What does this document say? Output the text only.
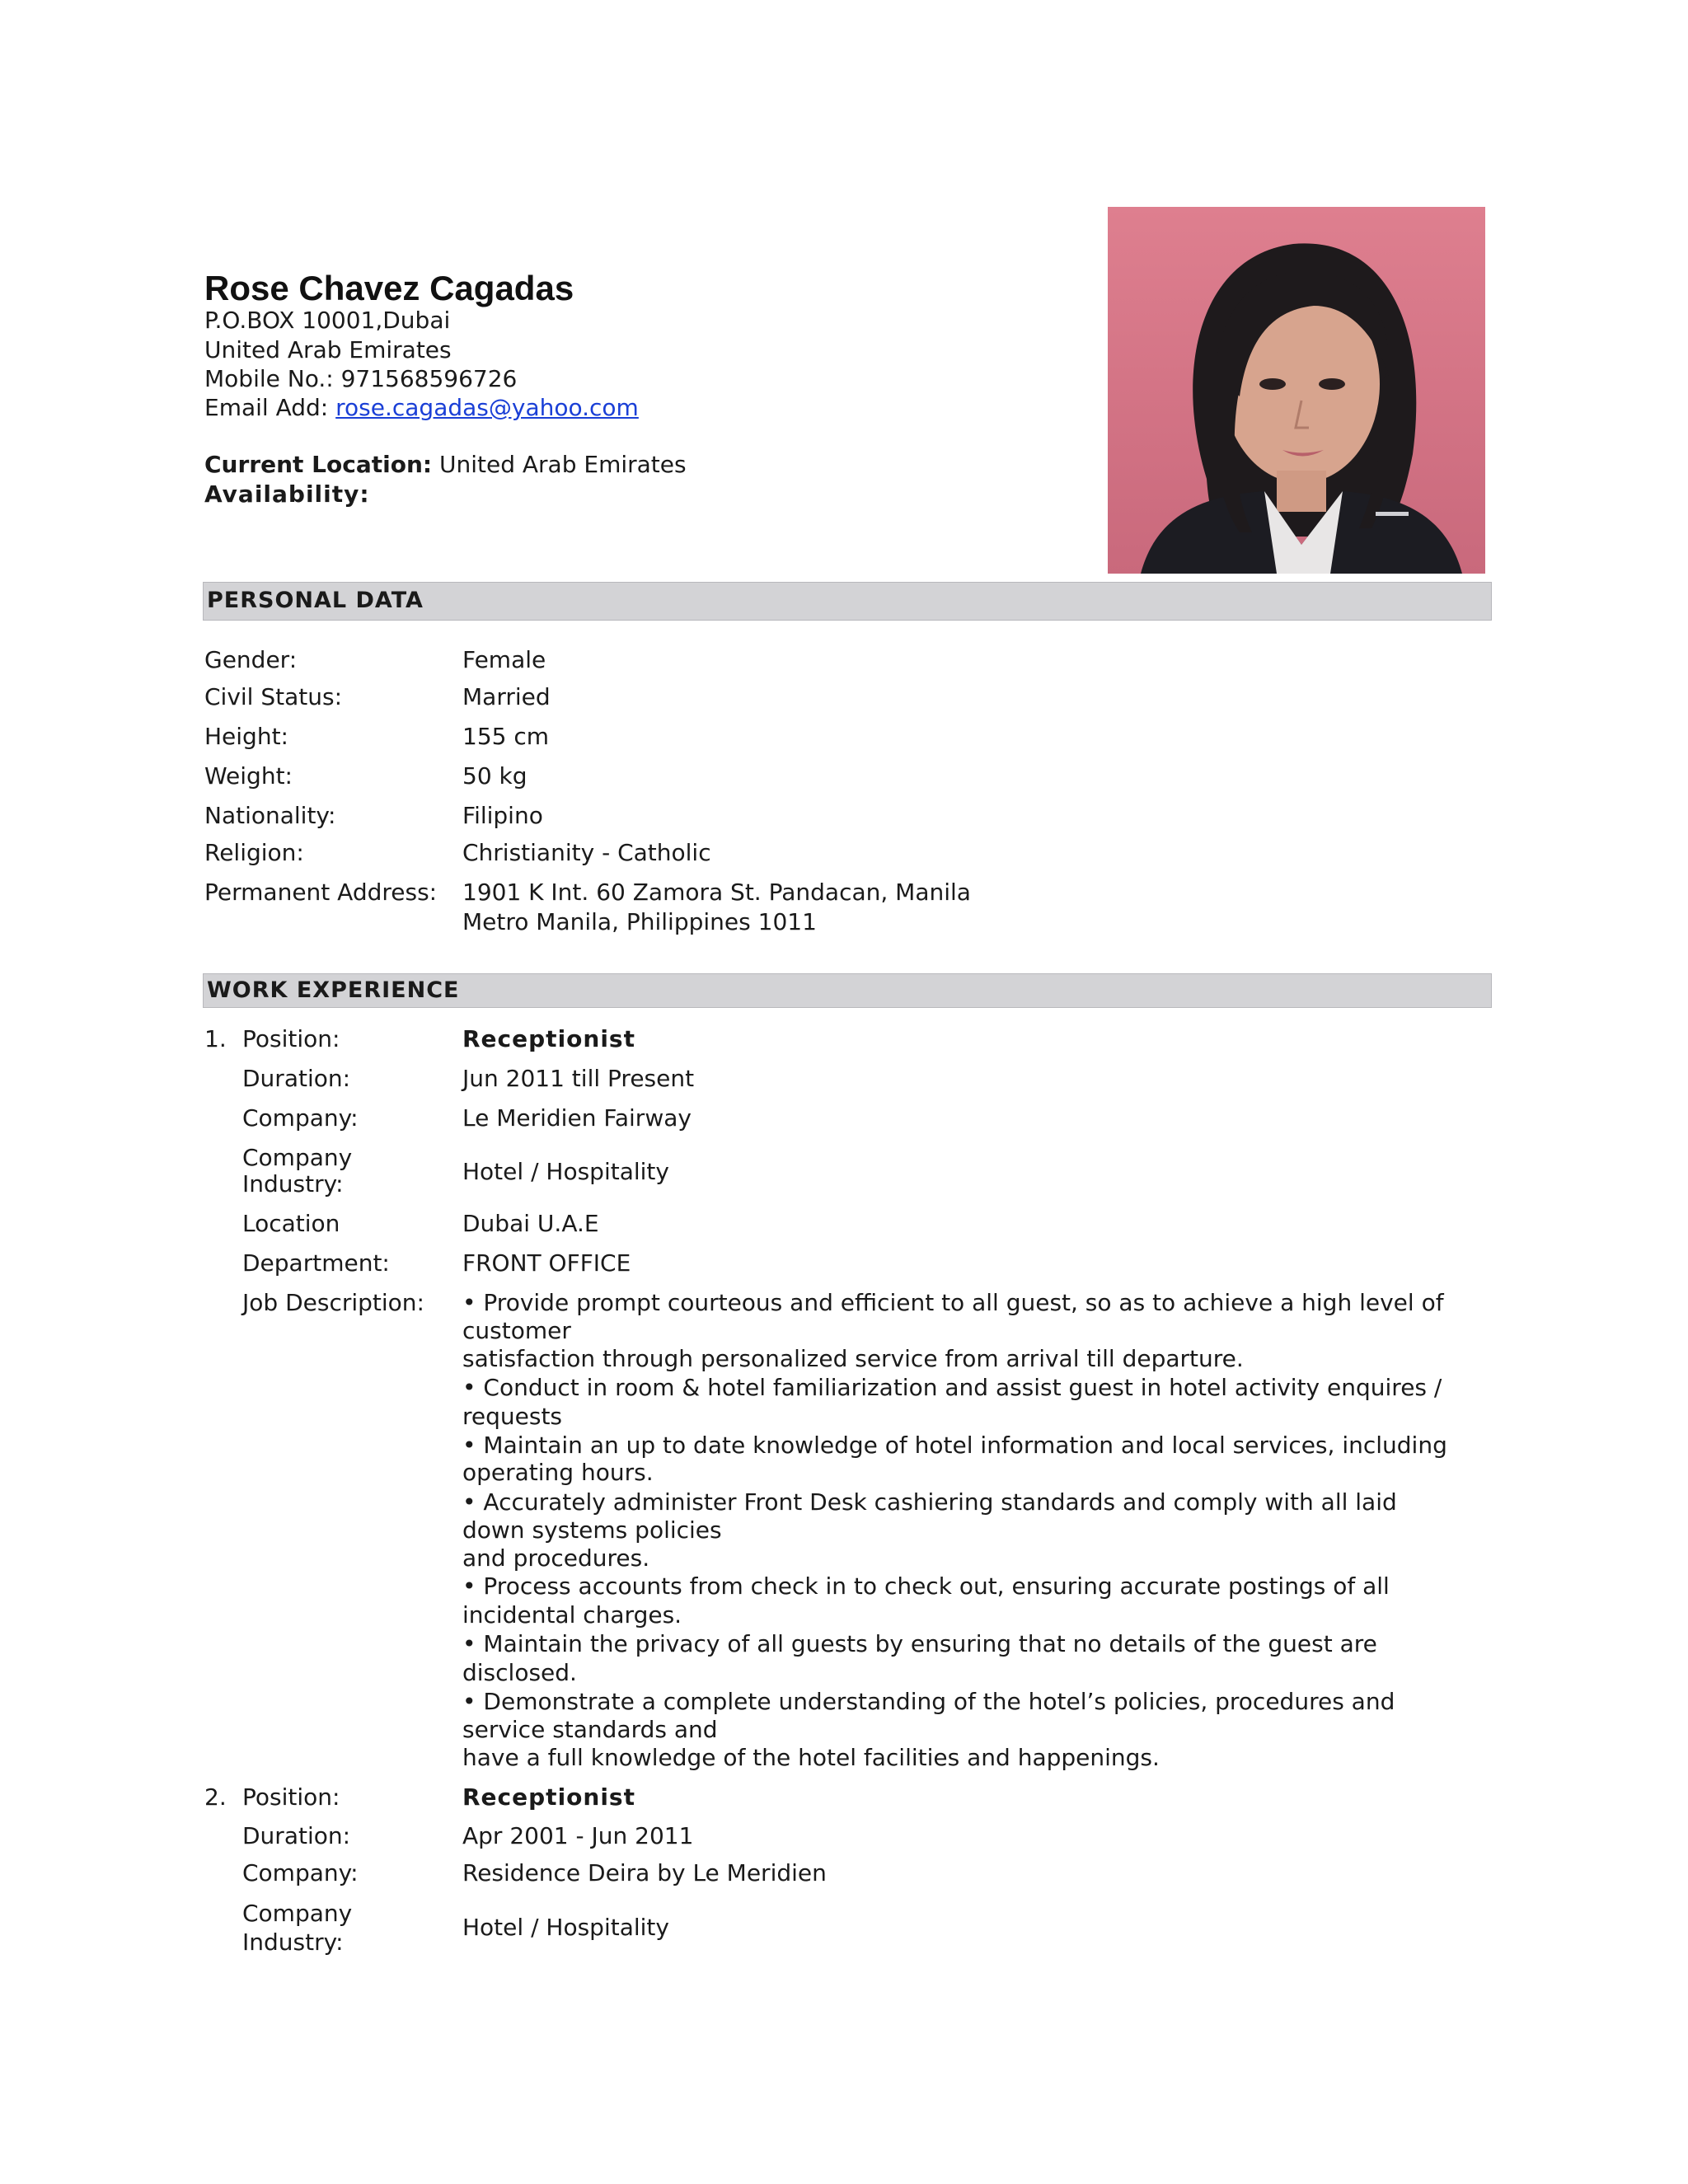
Rose Chavez Cagadas
P.O.BOX 10001,Dubai
United Arab Emirates
Mobile No.: 971568596726
Email Add: rose.cagadas@yahoo.com
Current Location: United Arab Emirates
Availability:
PERSONAL DATA
Gender:	Female
Civil Status:	Married
Height:	155 cm
Weight:	50 kg
Nationality:	Filipino
Religion:	Christianity - Catholic
Permanent Address: 1901 K Int. 60 Zamora St. Pandacan, Manila
Metro Manila, Philippines 1011
WORK EXPERIENCE
1. Position:	Receptionist
Duration:	Jun 2011 till Present
Company:	Le Meridien Fairway
Company
Industry:	Hotel / Hospitality
Location	Dubai U.A.E
Department:	FRONT OFFICE
Job Description: • Provide prompt courteous and efficient to all guest, so as to achieve a high level of
customer
satisfaction through personalized service from arrival till departure.
• Conduct in room & hotel familiarization and assist guest in hotel activity enquires /
requests
• Maintain an up to date knowledge of hotel information and local services, including
operating hours.
• Accurately administer Front Desk cashiering standards and comply with all laid
down systems policies
and procedures.
• Process accounts from check in to check out, ensuring accurate postings of all
incidental charges.
• Maintain the privacy of all guests by ensuring that no details of the guest are
disclosed.
• Demonstrate a complete understanding of the hotel’s policies, procedures and
service standards and
have a full knowledge of the hotel facilities and happenings.
2. Position:	Receptionist
Duration:	Apr 2001 - Jun 2011
Company:	Residence Deira by Le Meridien
Company
Industry:
Hotel / Hospitality
